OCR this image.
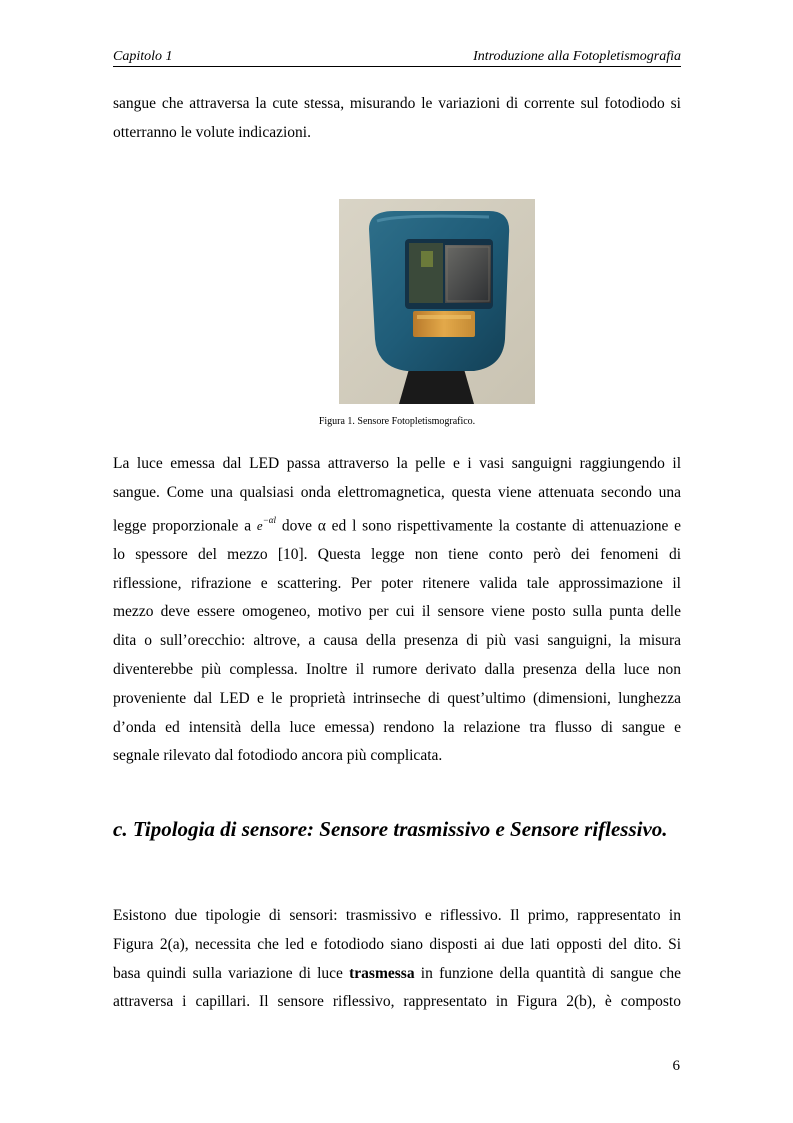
Capitolo 1	Introduzione alla Fotopletismografia
sangue che attraversa la cute stessa, misurando le variazioni di corrente sul fotodiodo si
otterranno le volute indicazioni.
Figura 1. Sensore Fotopletismografico.
La luce emessa dal LED passa attraverso la pelle e i vasi sanguigni raggiungendo il
sangue. Come una qualsiasi onda elettromagnetica, questa viene attenuata secondo una
legge proporzionale a $e^{-\alpha l}$ dove α ed l sono rispettivamente la costante di attenuazione e
lo spessore del mezzo [10]. Questa legge non tiene conto però dei fenomeni di
riflessione, rifrazione e scattering. Per poter ritenere valida tale approssimazione il
mezzo deve essere omogeneo, motivo per cui il sensore viene posto sulla punta delle
dita o sull’orecchio: altrove, a causa della presenza di più vasi sanguigni, la misura
diventerebbe più complessa. Inoltre il rumore derivato dalla presenza della luce non
proveniente dal LED e le proprietà intrinseche di quest’ultimo (dimensioni, lunghezza
d’onda ed intensità della luce emessa) rendono la relazione tra flusso di sangue e
segnale rilevato dal fotodiodo ancora più complicata.
c. Tipologia di sensore: Sensore trasmissivo e Sensore riflessivo.
Esistono due tipologie di sensori: trasmissivo e riflessivo. Il primo, rappresentato in
Figura 2(a), necessita che led e fotodiodo siano disposti ai due lati opposti del dito. Si
basa quindi sulla variazione di luce trasmessa in funzione della quantità di sangue che
attraversa i capillari. Il sensore riflessivo, rappresentato in Figura 2(b), è composto
6
